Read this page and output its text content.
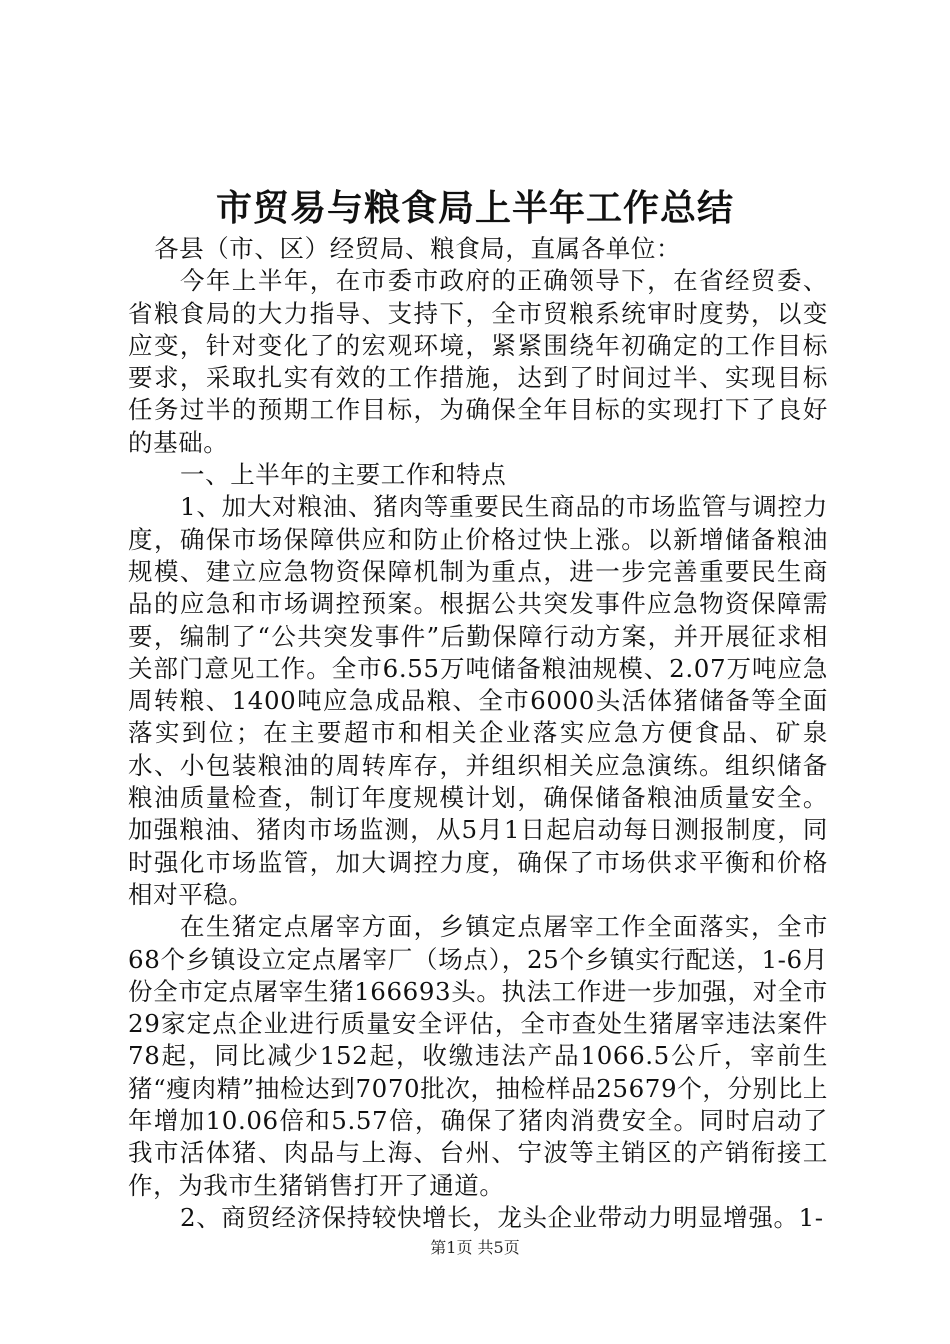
市贸易与粮食局上半年工作总结

各县（市、区）经贸局、粮食局，直属各单位：

今年上半年，在市委市政府的正确领导下，在省经贸委、省粮食局的大力指导、支持下，全市贸粮系统审时度势，以变应变，针对变化了的宏观环境，紧紧围绕年初确定的工作目标要求，采取扎实有效的工作措施，达到了时间过半、实现目标任务过半的预期工作目标，为确保全年目标的实现打下了良好的基础。

一、上半年的主要工作和特点

1、加大对粮油、猪肉等重要民生商品的市场监管与调控力度，确保市场保障供应和防止价格过快上涨。以新增储备粮油规模、建立应急物资保障机制为重点，进一步完善重要民生商品的应急和市场调控预案。根据公共突发事件应急物资保障需要，编制了“公共突发事件”后勤保障行动方案，并开展征求相关部门意见工作。全市6.55万吨储备粮油规模、2.07万吨应急周转粮、1400吨应急成品粮、全市6000头活体猪储备等全面落实到位；在主要超市和相关企业落实应急方便食品、矿泉水、小包装粮油的周转库存，并组织相关应急演练。组织储备粮油质量检查，制订年度规模计划，确保储备粮油质量安全。加强粮油、猪肉市场监测，从5月1日起启动每日测报制度，同时强化市场监管，加大调控力度，确保了市场供求平衡和价格相对平稳。

在生猪定点屠宰方面，乡镇定点屠宰工作全面落实，全市68个乡镇设立定点屠宰厂（场点），25个乡镇实行配送，1-6月份全市定点屠宰生猪166693头。执法工作进一步加强，对全市29家定点企业进行质量安全评估，全市查处生猪屠宰违法案件78起，同比减少152起，收缴违法产品1066.5公斤，宰前生猪“瘦肉精”抽检达到7070批次，抽检样品25679个，分别比上年增加10.06倍和5.57倍，确保了猪肉消费安全。同时启动了我市活体猪、肉品与上海、台州、宁波等主销区的产销衔接工作，为我市生猪销售打开了通道。

2、商贸经济保持较快增长，龙头企业带动力明显增强。1-

第1页 共5页
